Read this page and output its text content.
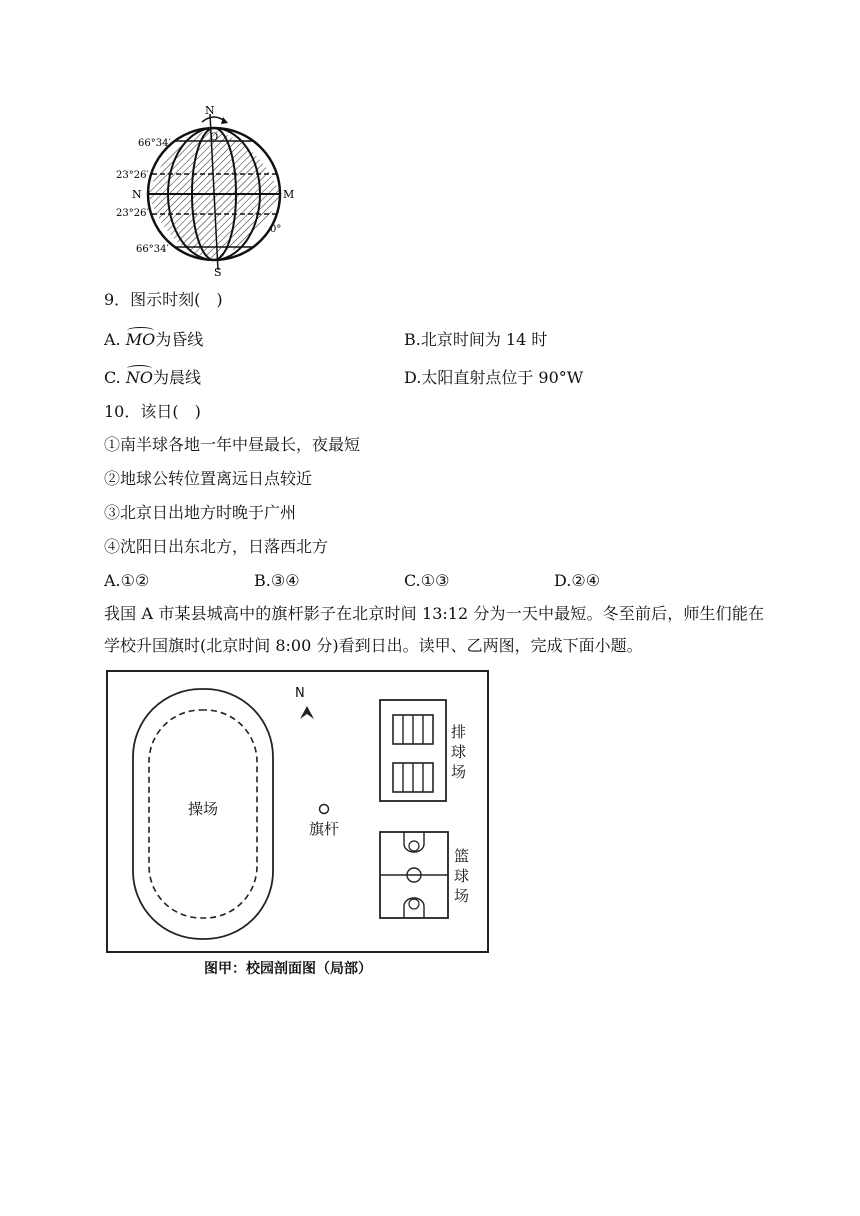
N
S
N	M
O
66°34′
23°26′
23°26′
66°34′
0°
9．图示时刻(　)
A. MO为昏线	B.北京时间为 14 时
C. NO为晨线	D.太阳直射点位于 90°W
10．该日(　)
①南半球各地一年中昼最长，夜最短
②地球公转位置离远日点较近
③北京日出地方时晚于广州
④沈阳日出东北方，日落西北方
A.①②	B.③④	C.①③	D.②④
我国 A 市某县城高中的旗杆影子在北京时间 13:12 分为一天中最短。冬至前后，师生们能在学校升国旗时(北京时间 8:00 分)看到日出。读甲、乙两图，完成下面小题。
N
操场
旗杆
排球场
篮球场
图甲：校园剖面图（局部）
